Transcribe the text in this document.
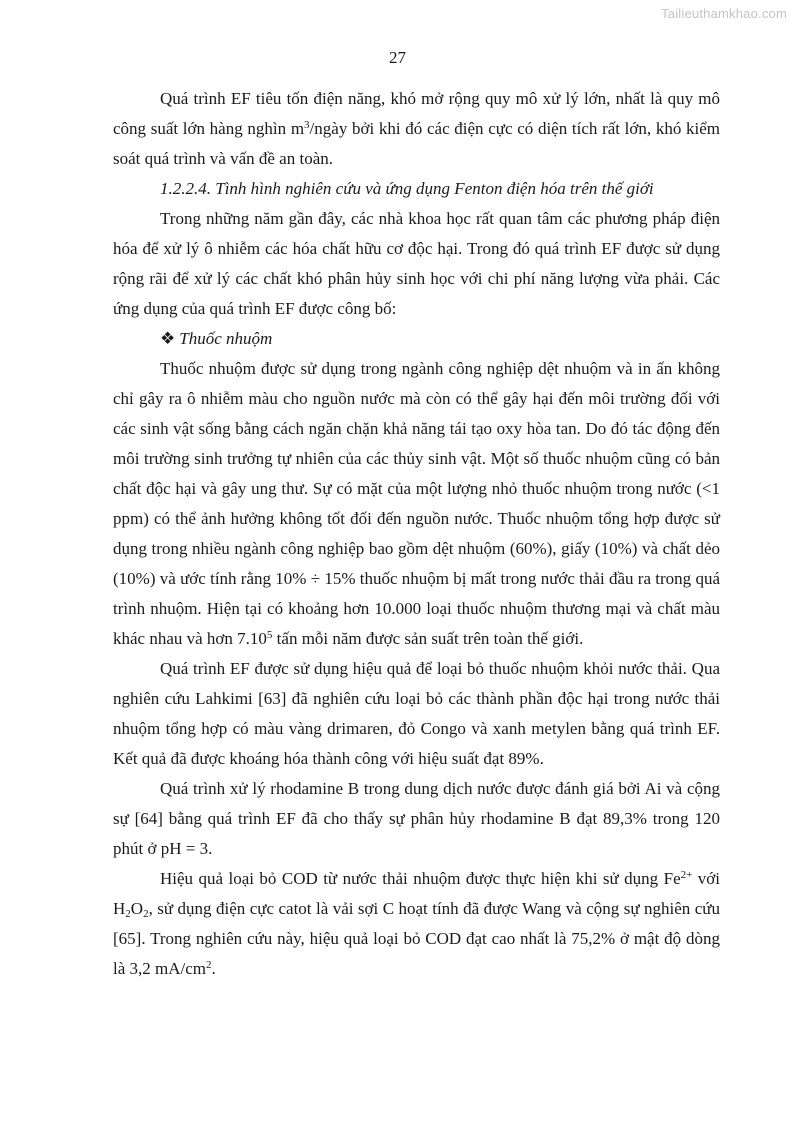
Tailieuthamkhao.com
27

Quá trình EF tiêu tốn điện năng, khó mở rộng quy mô xử lý lớn, nhất là quy mô công suất lớn hàng nghìn $m^3$/ngày bởi khi đó các điện cực có diện tích rất lớn, khó kiểm soát quá trình và vấn đề an toàn.

1.2.2.4. Tình hình nghiên cứu và ứng dụng Fenton điện hóa trên thế giới

Trong những năm gần đây, các nhà khoa học rất quan tâm các phương pháp điện hóa để xử lý ô nhiễm các hóa chất hữu cơ độc hại. Trong đó quá trình EF được sử dụng rộng rãi để xử lý các chất khó phân hủy sinh học với chi phí năng lượng vừa phải. Các ứng dụng của quá trình EF được công bố:

❖ Thuốc nhuộm

Thuốc nhuộm được sử dụng trong ngành công nghiệp dệt nhuộm và in ấn không chỉ gây ra ô nhiễm màu cho nguồn nước mà còn có thể gây hại đến môi trường đối với các sinh vật sống bằng cách ngăn chặn khả năng tái tạo oxy hòa tan. Do đó tác động đến môi trường sinh trưởng tự nhiên của các thủy sinh vật. Một số thuốc nhuộm cũng có bản chất độc hại và gây ung thư. Sự có mặt của một lượng nhỏ thuốc nhuộm trong nước (<1 ppm) có thể ảnh hưởng không tốt đối đến nguồn nước. Thuốc nhuộm tổng hợp được sử dụng trong nhiều ngành công nghiệp bao gồm dệt nhuộm (60%), giấy (10%) và chất dẻo (10%) và ước tính rằng 10% ÷ 15% thuốc nhuộm bị mất trong nước thải đầu ra trong quá trình nhuộm. Hiện tại có khoảng hơn 10.000 loại thuốc nhuộm thương mại và chất màu khác nhau và hơn 7.10$^5$ tấn mỗi năm được sản suất trên toàn thế giới.

Quá trình EF được sử dụng hiệu quả để loại bỏ thuốc nhuộm khỏi nước thải. Qua nghiên cứu Lahkimi [63] đã nghiên cứu loại bỏ các thành phần độc hại trong nước thải nhuộm tổng hợp có màu vàng drimaren, đỏ Congo và xanh metylen bằng quá trình EF. Kết quả đã được khoáng hóa thành công với hiệu suất đạt 89%.

Quá trình xử lý rhodamine B trong dung dịch nước được đánh giá bởi Ai và cộng sự [64] bằng quá trình EF đã cho thấy sự phân hủy rhodamine B đạt 89,3% trong 120 phút ở pH = 3.

Hiệu quả loại bỏ COD từ nước thải nhuộm được thực hiện khi sử dụng $Fe^{2+}$ với $H_2O_2$, sử dụng điện cực catot là vải sợi C hoạt tính đã được Wang và cộng sự nghiên cứu [65]. Trong nghiên cứu này, hiệu quả loại bỏ COD đạt cao nhất là 75,2% ở mật độ dòng là 3,2 $mA/cm^2$.
